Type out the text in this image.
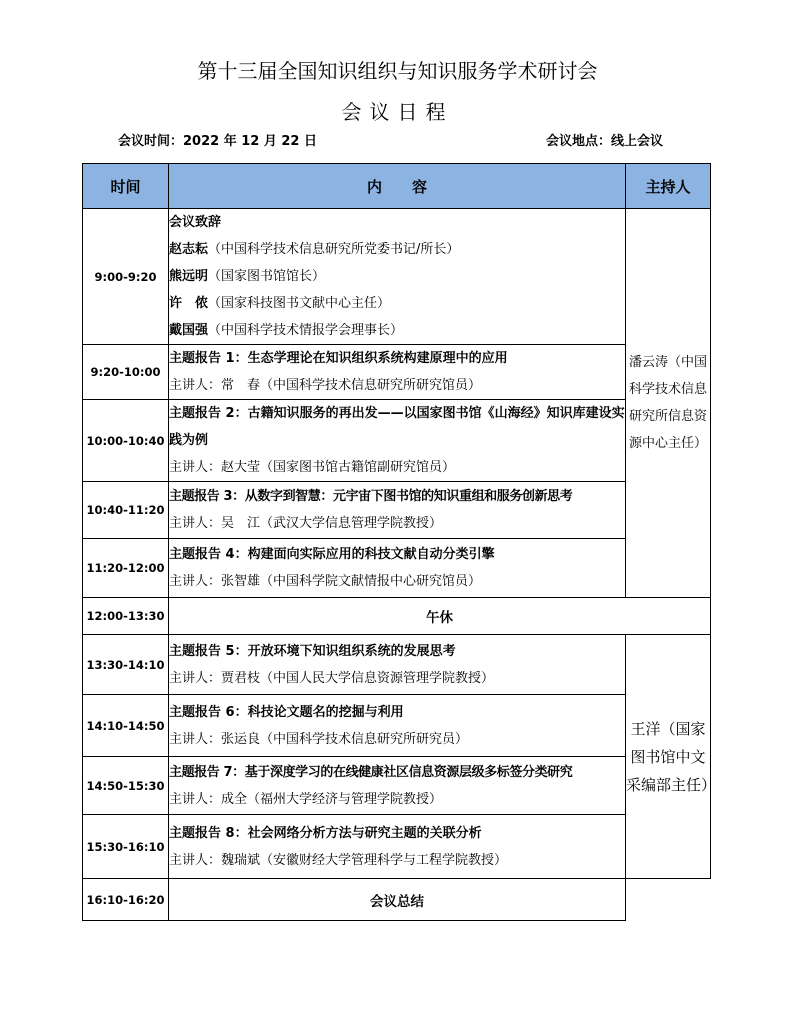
第十三届全国知识组织与知识服务学术研讨会
会议日程
会议时间：2022 年 12 月 22 日	会议地点：线上会议
时间	内　　容	主持人
9:00-9:20	会议致辞
赵志耘（中国科学技术信息研究所党委书记/所长）
熊远明（国家图书馆馆长）
许　侬（国家科技图书文献中心主任）
戴国强（中国科学技术情报学会理事长）	潘云涛（中国科学技术信息研究所信息资源中心主任）
9:20-10:00	主题报告 1：生态学理论在知识组织系统构建原理中的应用
主讲人：常　春（中国科学技术信息研究所研究馆员）	

10:00-10:40	主题报告 2：古籍知识服务的再出发——以国家图书馆《山海经》知识库建设实践为例
主讲人：赵大莹（国家图书馆古籍馆副研究馆员）	

10:40-11:20	主题报告 3：从数字到智慧：元宇宙下图书馆的知识重组和服务创新思考
主讲人：吴　江（武汉大学信息管理学院教授）	

11:20-12:00	主题报告 4：构建面向实际应用的科技文献自动分类引擎
主讲人：张智雄（中国科学院文献情报中心研究馆员）	

12:00-13:30	午休	
13:30-14:10	主题报告 5：开放环境下知识组织系统的发展思考
主讲人：贾君枝（中国人民大学信息资源管理学院教授）	王洋（国家图书馆中文采编部主任）
14:10-14:50	主题报告 6：科技论文题名的挖掘与利用
主讲人：张运良（中国科学技术信息研究所研究员）	

14:50-15:30	主题报告 7：基于深度学习的在线健康社区信息资源层级多标签分类研究
主讲人：成全（福州大学经济与管理学院教授）	

15:30-16:10	主题报告 8：社会网络分析方法与研究主题的关联分析
主讲人：魏瑞斌（安徽财经大学管理科学与工程学院教授）	

16:10-16:20	会议总结	
